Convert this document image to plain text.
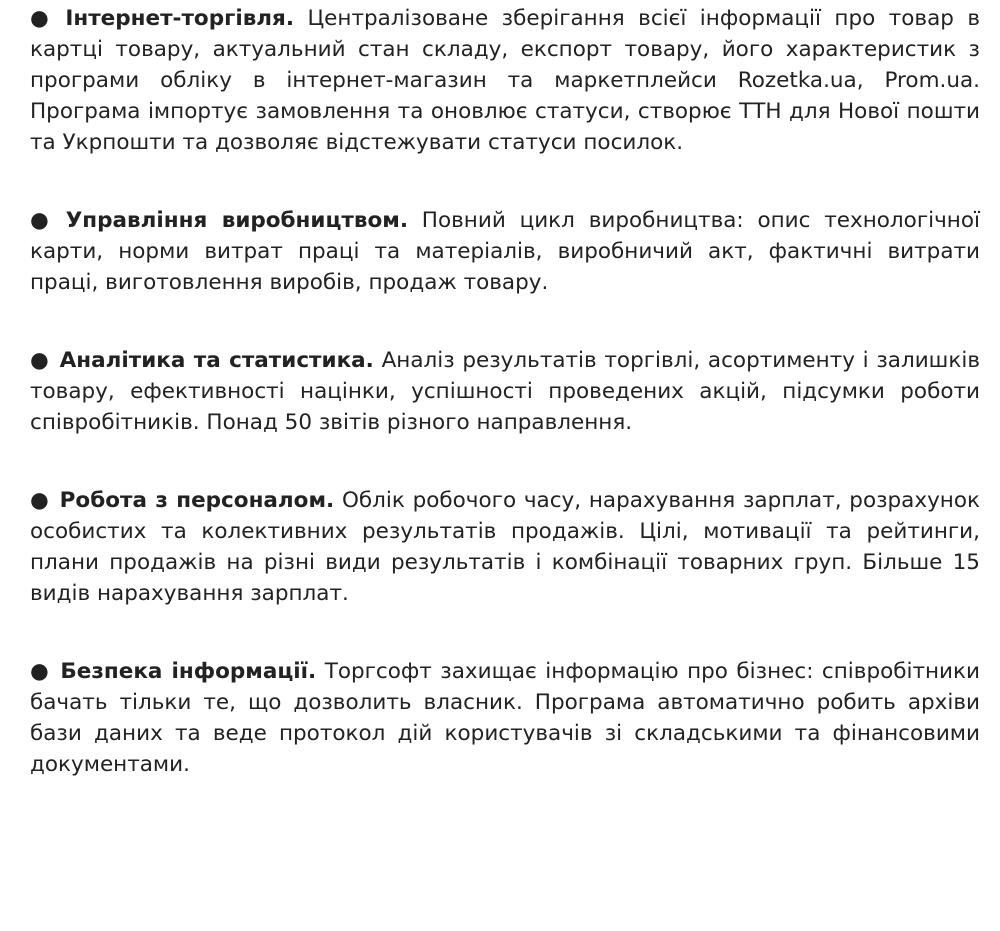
● Інтернет-торгівля. Централізоване зберігання всієї інформації про товар в картці товару, актуальний стан складу, експорт товару, його характеристик з програми обліку в інтернет-магазин та маркетплейси Rozetka.ua, Prom.ua. Програма імпортує замовлення та оновлює статуси, створює ТТН для Нової пошти та Укрпошти та дозволяє відстежувати статуси посилок.

● Управління виробництвом. Повний цикл виробництва: опис технологічної карти, норми витрат праці та матеріалів, виробничий акт, фактичні витрати праці, виготовлення виробів, продаж товару.

● Аналітика та статистика. Аналіз результатів торгівлі, асортименту і залишків товару, ефективності націнки, успішності проведених акцій, підсумки роботи співробітників. Понад 50 звітів різного направлення.

● Робота з персоналом. Облік робочого часу, нарахування зарплат, розрахунок особистих та колективних результатів продажів. Цілі, мотивації та рейтинги, плани продажів на різні види результатів і комбінації товарних груп. Більше 15 видів нарахування зарплат.

● Безпека інформації. Торгсофт захищає інформацію про бізнес: співробітники бачать тільки те, що дозволить власник. Програма автоматично робить архіви бази даних та веде протокол дій користувачів зі складськими та фінансовими документами.
